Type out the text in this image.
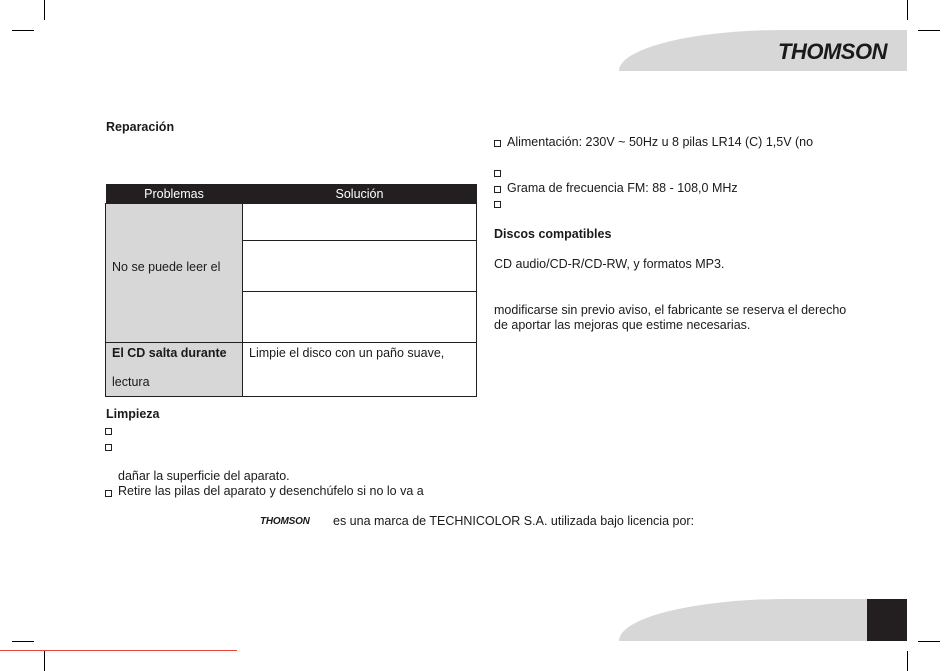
THOMSON
Reparación
Problemas	Solución
No se puede leer el	

El CD salta durante
lectura	Limpie el disco con un paño suave,
Limpieza
dañar la superficie del aparato.
Retire las pilas del aparato y desenchúfelo si no lo va a
Alimentación: 230V ~ 50Hz u 8 pilas LR14 (C) 1,5V (no
Grama de frecuencia FM: 88 - 108,0 MHz
Discos compatibles
CD audio/CD-R/CD-RW, y formatos MP3.
modificarse sin previo aviso, el fabricante se reserva el derecho
de aportar las mejoras que estime necesarias.
THOMSON es una marca de TECHNICOLOR S.A. utilizada bajo licencia por:
